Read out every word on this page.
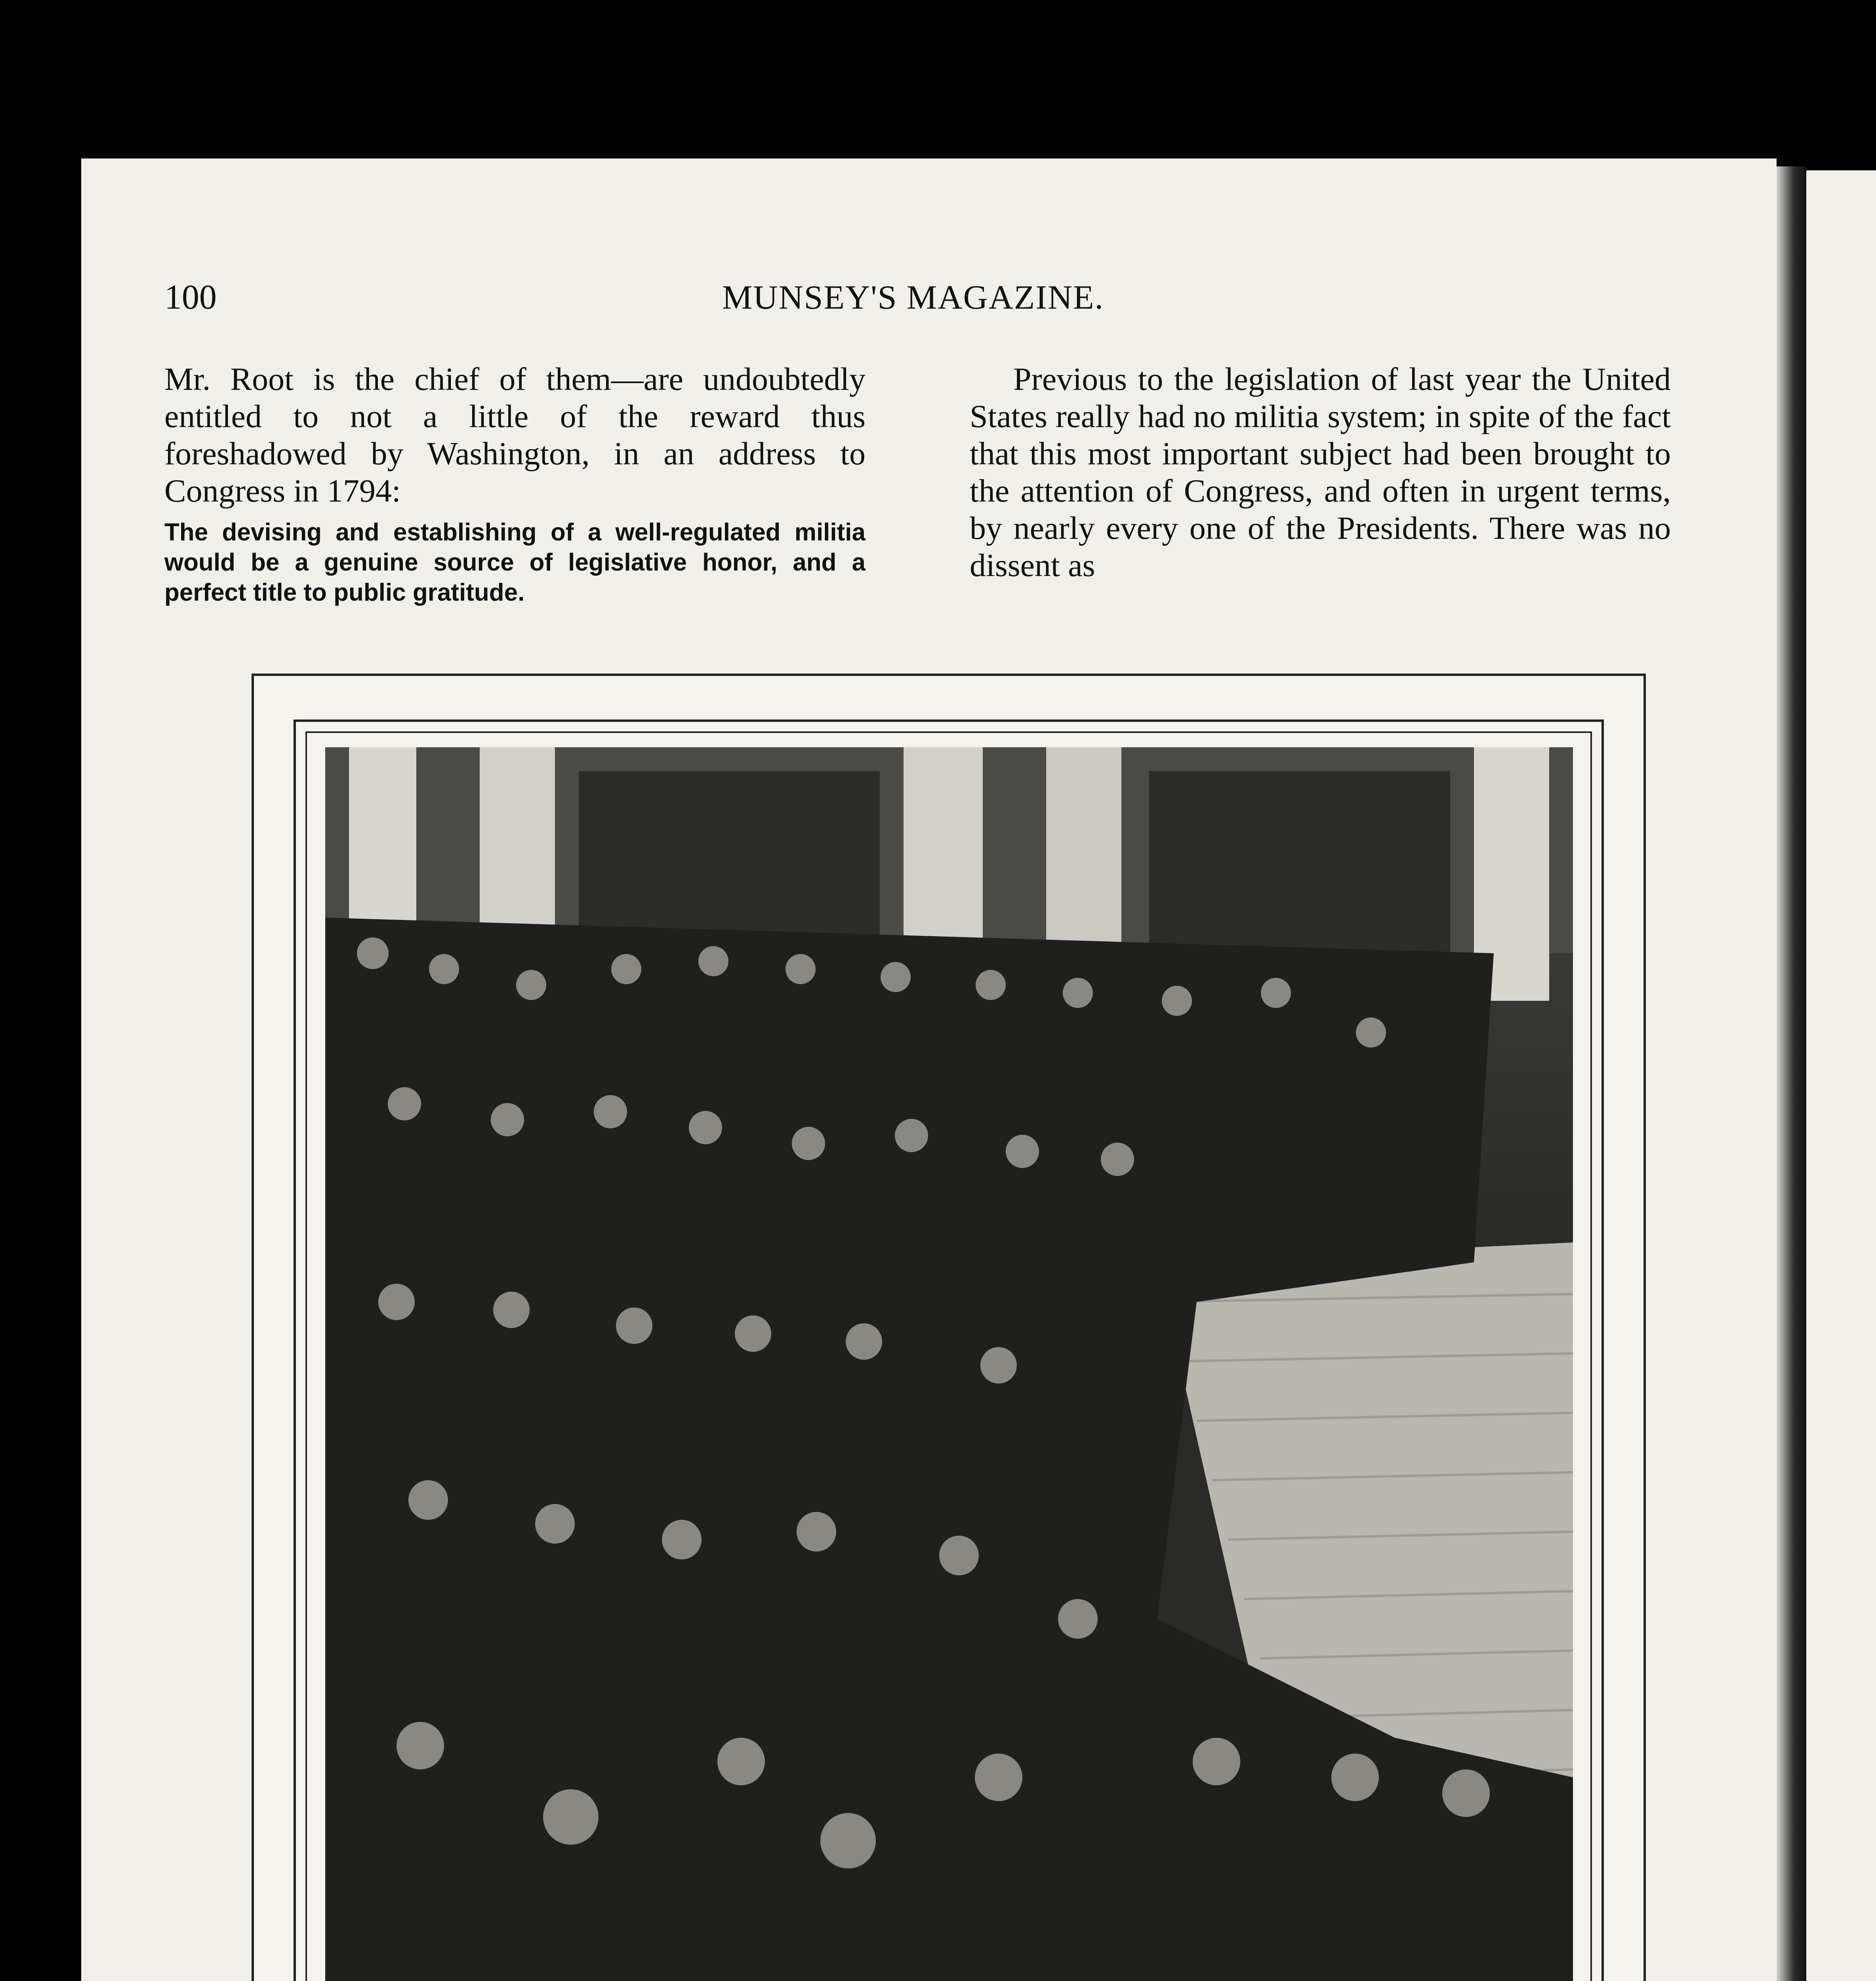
100	MUNSEY'S MAGAZINE.

Mr. Root is the chief of them—are undoubtedly entitled to not a little of the reward thus foreshadowed by Washington, in an address to Congress in 1794:

The devising and establishing of a well-regulated militia would be a genuine source of legislative honor, and a perfect title to public gratitude.

Previous to the legislation of last year the United States really had no militia system; in spite of the fact that this most important subject had been brought to the attention of Congress, and often in urgent terms, by nearly every one of the Presidents. There was no dissent as
